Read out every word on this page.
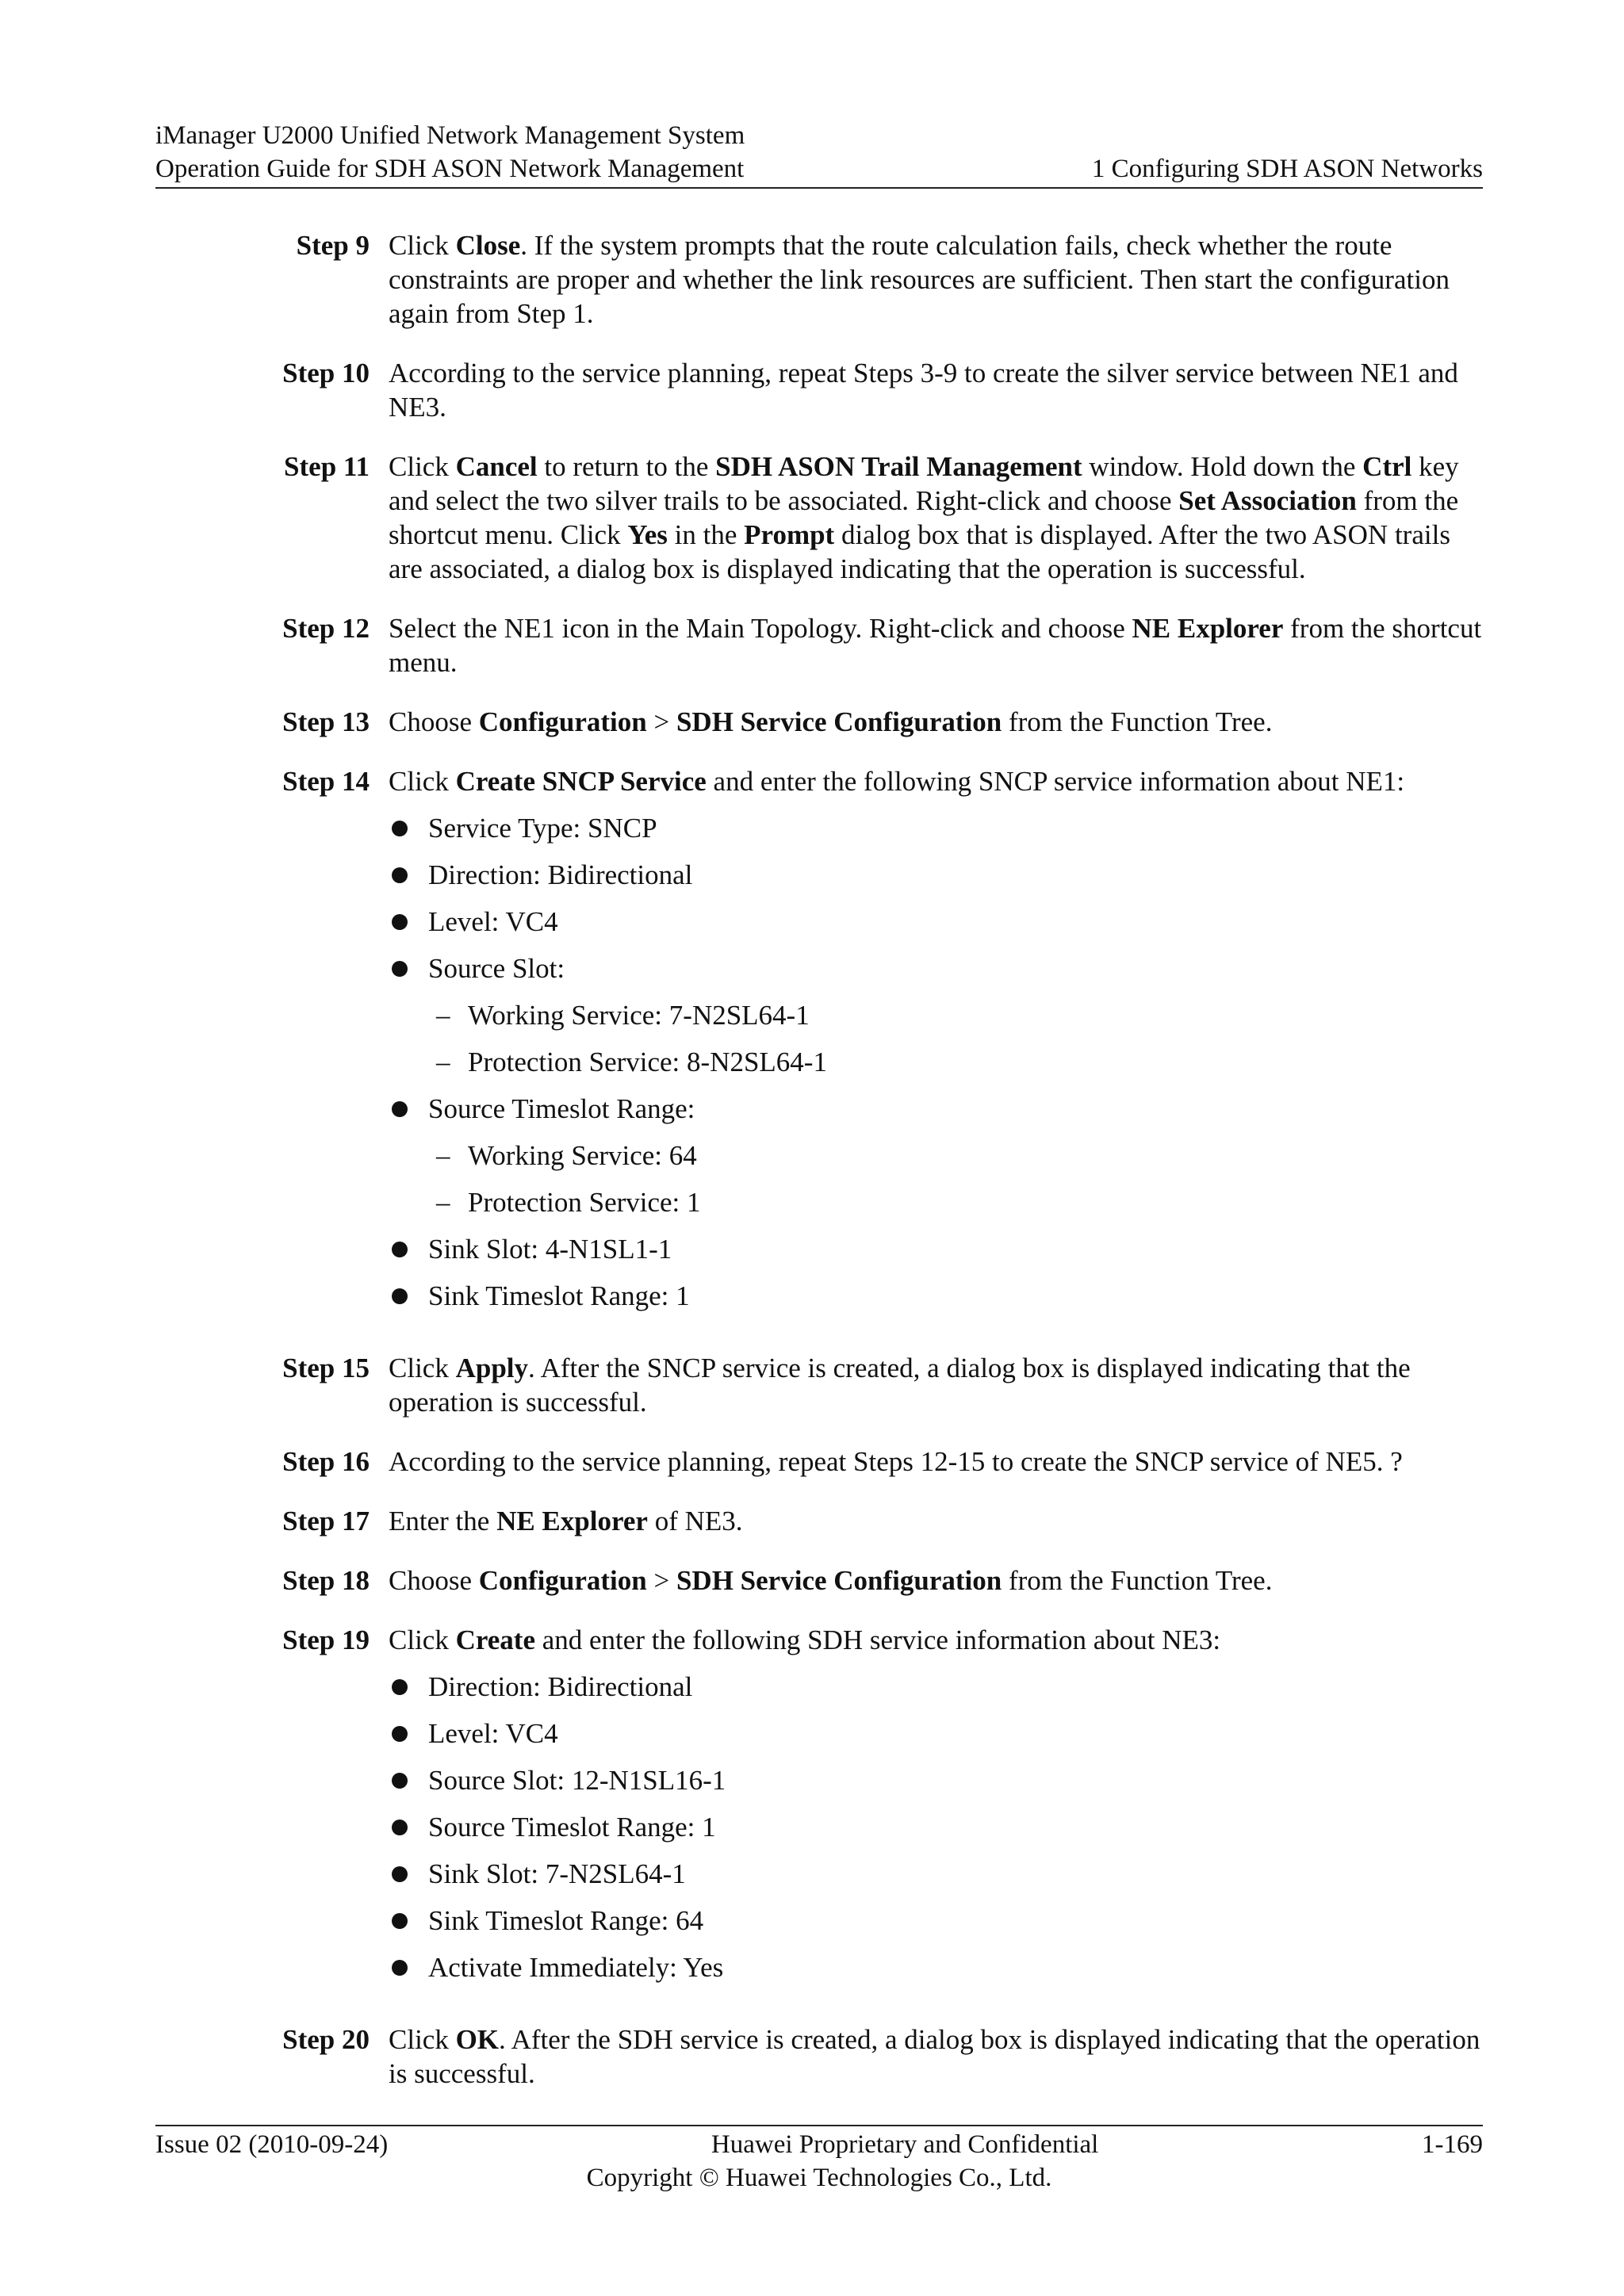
iManager U2000 Unified Network Management System
Operation Guide for SDH ASON Network Management	1 Configuring SDH ASON Networks
Step 9 Click Close. If the system prompts that the route calculation fails, check whether the route constraints are proper and whether the link resources are sufficient. Then start the configuration again from Step 1.
Step 10 According to the service planning, repeat Steps 3-9 to create the silver service between NE1 and NE3.
Step 11 Click Cancel to return to the SDH ASON Trail Management window. Hold down the Ctrl key and select the two silver trails to be associated. Right-click and choose Set Association from the shortcut menu. Click Yes in the Prompt dialog box that is displayed. After the two ASON trails are associated, a dialog box is displayed indicating that the operation is successful.
Step 12 Select the NE1 icon in the Main Topology. Right-click and choose NE Explorer from the shortcut menu.
Step 13 Choose Configuration > SDH Service Configuration from the Function Tree.
Step 14 Click Create SNCP Service and enter the following SNCP service information about NE1:
Service Type: SNCP
Direction: Bidirectional
Level: VC4
Source Slot:
– Working Service: 7-N2SL64-1
– Protection Service: 8-N2SL64-1
Source Timeslot Range:
– Working Service: 64
– Protection Service: 1
Sink Slot: 4-N1SL1-1
Sink Timeslot Range: 1
Step 15 Click Apply. After the SNCP service is created, a dialog box is displayed indicating that the operation is successful.
Step 16 According to the service planning, repeat Steps 12-15 to create the SNCP service of NE5. ?
Step 17 Enter the NE Explorer of NE3.
Step 18 Choose Configuration > SDH Service Configuration from the Function Tree.
Step 19 Click Create and enter the following SDH service information about NE3:
Direction: Bidirectional
Level: VC4
Source Slot: 12-N1SL16-1
Source Timeslot Range: 1
Sink Slot: 7-N2SL64-1
Sink Timeslot Range: 64
Activate Immediately: Yes
Step 20 Click OK. After the SDH service is created, a dialog box is displayed indicating that the operation is successful.
Issue 02 (2010-09-24)	Huawei Proprietary and Confidential	1-169
Copyright © Huawei Technologies Co., Ltd.
